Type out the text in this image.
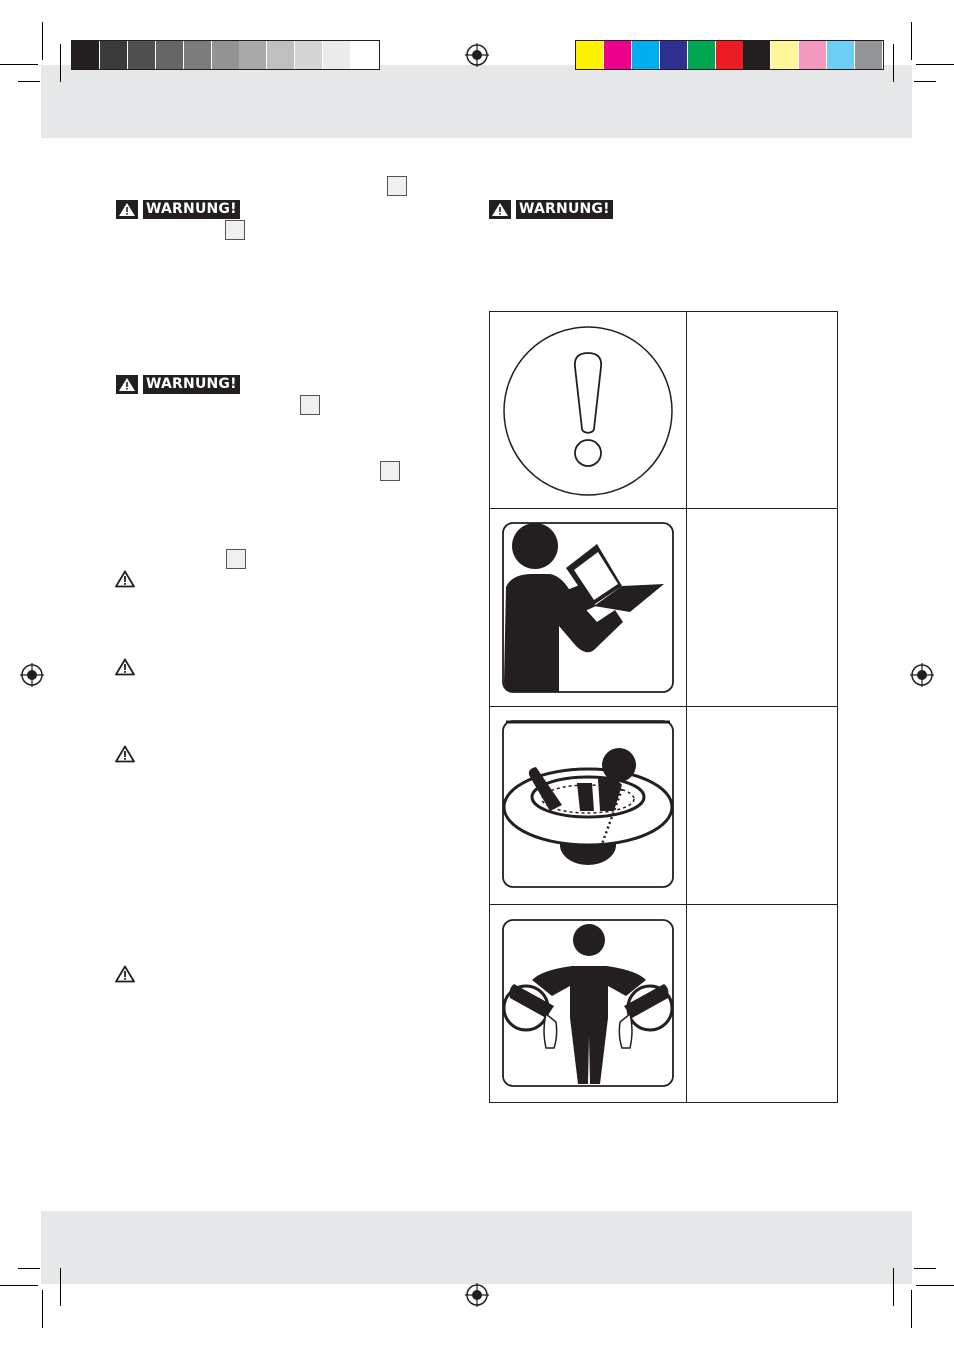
WARNUNG!
WARNUNG!
WARNUNG!
